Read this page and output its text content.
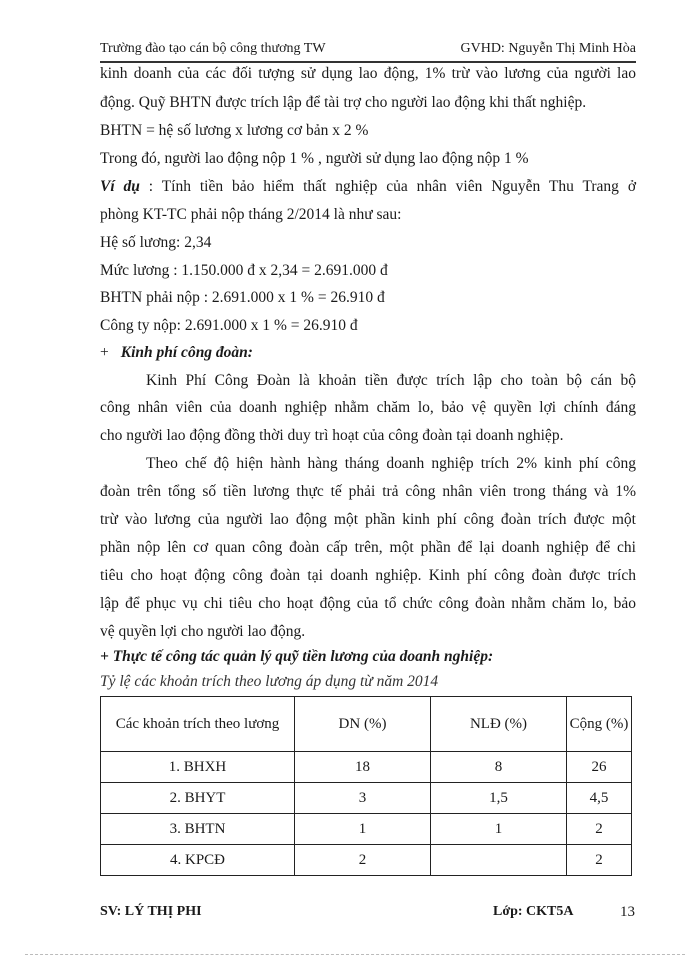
Trường đào tạo cán bộ công thương TW	GVHD: Nguyễn Thị Minh Hòa
kinh doanh của các đối tượng sử dụng lao động, 1% trừ vào lương của người lao
động. Quỹ BHTN được trích lập để tài trợ cho người lao động khi thất nghiệp.
BHTN = hệ số lương x lương cơ bản x 2 %
Trong đó, người lao động nộp 1 % , người sử dụng lao động nộp 1 %
Ví dụ : Tính tiền bảo hiểm thất nghiệp của nhân viên Nguyễn Thu Trang ở
phòng KT-TC phải nộp tháng 2/2014 là như sau:
Hệ số lương: 2,34
Mức lương : 1.150.000 đ x 2,34 = 2.691.000 đ
BHTN phải nộp : 2.691.000 x 1 % = 26.910 đ
Công ty nộp: 2.691.000 x 1 % = 26.910 đ
+ Kinh phí công đoàn:
Kinh Phí Công Đoàn là khoản tiền được trích lập cho toàn bộ cán bộ
công nhân viên của doanh nghiệp nhằm chăm lo, bảo vệ quyền lợi chính đáng
cho người lao động đồng thời duy trì hoạt của công đoàn tại doanh nghiệp.
Theo chế độ hiện hành hàng tháng doanh nghiệp trích 2% kinh phí công
đoàn trên tổng số tiền lương thực tế phải trả công nhân viên trong tháng và 1%
trừ vào lương của người lao động một phần kinh phí công đoàn trích được một
phần nộp lên cơ quan công đoàn cấp trên, một phần để lại doanh nghiệp để chi
tiêu cho hoạt động công đoàn tại doanh nghiệp. Kinh phí công đoàn được trích
lập để phục vụ chi tiêu cho hoạt động của tổ chức công đoàn nhằm chăm lo, bảo
vệ quyền lợi cho người lao động.
+ Thực tế công tác quản lý quỹ tiền lương của doanh nghiệp:
Tỷ lệ các khoản trích theo lương áp dụng từ năm 2014
Các khoản trích theo lương	DN (%)	NLĐ (%)	Cộng (%)
1. BHXH	18	8	26
2. BHYT	3	1,5	4,5
3. BHTN	1	1	2
4. KPCĐ	2		2
SV: LÝ THỊ PHI	Lớp: CKT5A	13
